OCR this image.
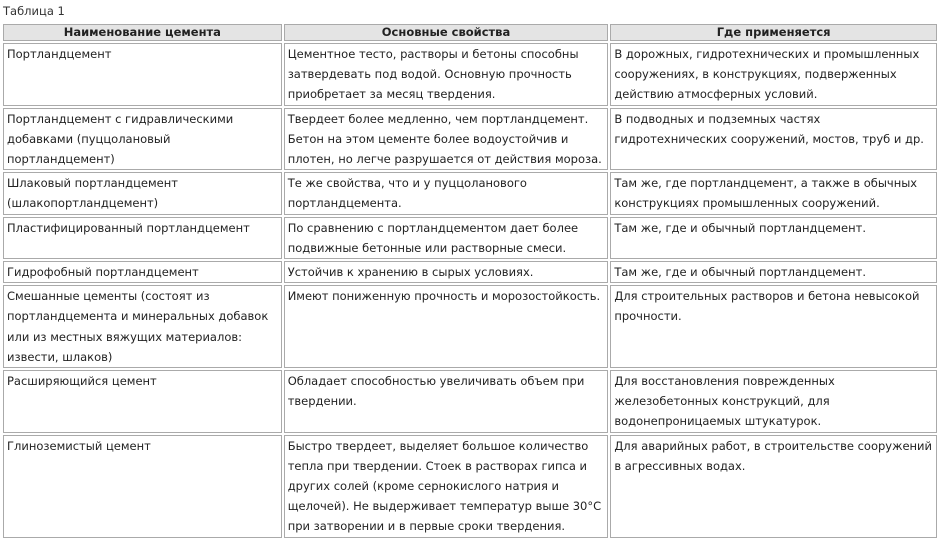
Таблица 1
Наименование цемента	Основные свойства	Где применяется
Портландцемент	Цементное тесто, растворы и бетоны способны затвердевать под водой. Основную прочность приобретает за месяц твердения.	В дорожных, гидротехнических и промышленных сооружениях, в конструкциях, подверженных действию атмосферных условий.
Портландцемент с гидравлическими добавками (пуццолановый портландцемент)	Твердеет более медленно, чем портландцемент. Бетон на этом цементе более водоустойчив и плотен, но легче разрушается от действия мороза.	В подводных и подземных частях гидротехнических сооружений, мостов, труб и др.
Шлаковый портландцемент (шлакопортландцемент)	Те же свойства, что и у пуццоланового портландцемента.	Там же, где портландцемент, а также в обычных конструкциях промышленных сооружений.
Пластифицированный портландцемент	По сравнению с портландцементом дает более подвижные бетонные или растворные смеси.	Там же, где и обычный портландцемент.
Гидрофобный портландцемент	Устойчив к хранению в сырых условиях.	Там же, где и обычный портландцемент.
Смешанные цементы (состоят из портландцемента и минеральных добавок или из местных вяжущих материалов: извести, шлаков)	Имеют пониженную прочность и морозостойкость.	Для строительных растворов и бетона невысокой прочности.
Расширяющийся цемент	Обладает способностью увеличивать объем при твердении.	Для восстановления поврежденных железобетонных конструкций, для водонепроницаемых штукатурок.
Глиноземистый цемент	Быстро твердеет, выделяет большое количество тепла при твердении. Стоек в растворах гипса и других солей (кроме сернокислого натрия и щелочей). Не выдерживает температур выше 30°С при затворении и в первые сроки твердения.	Для аварийных работ, в строительстве сооружений в агрессивных водах.
